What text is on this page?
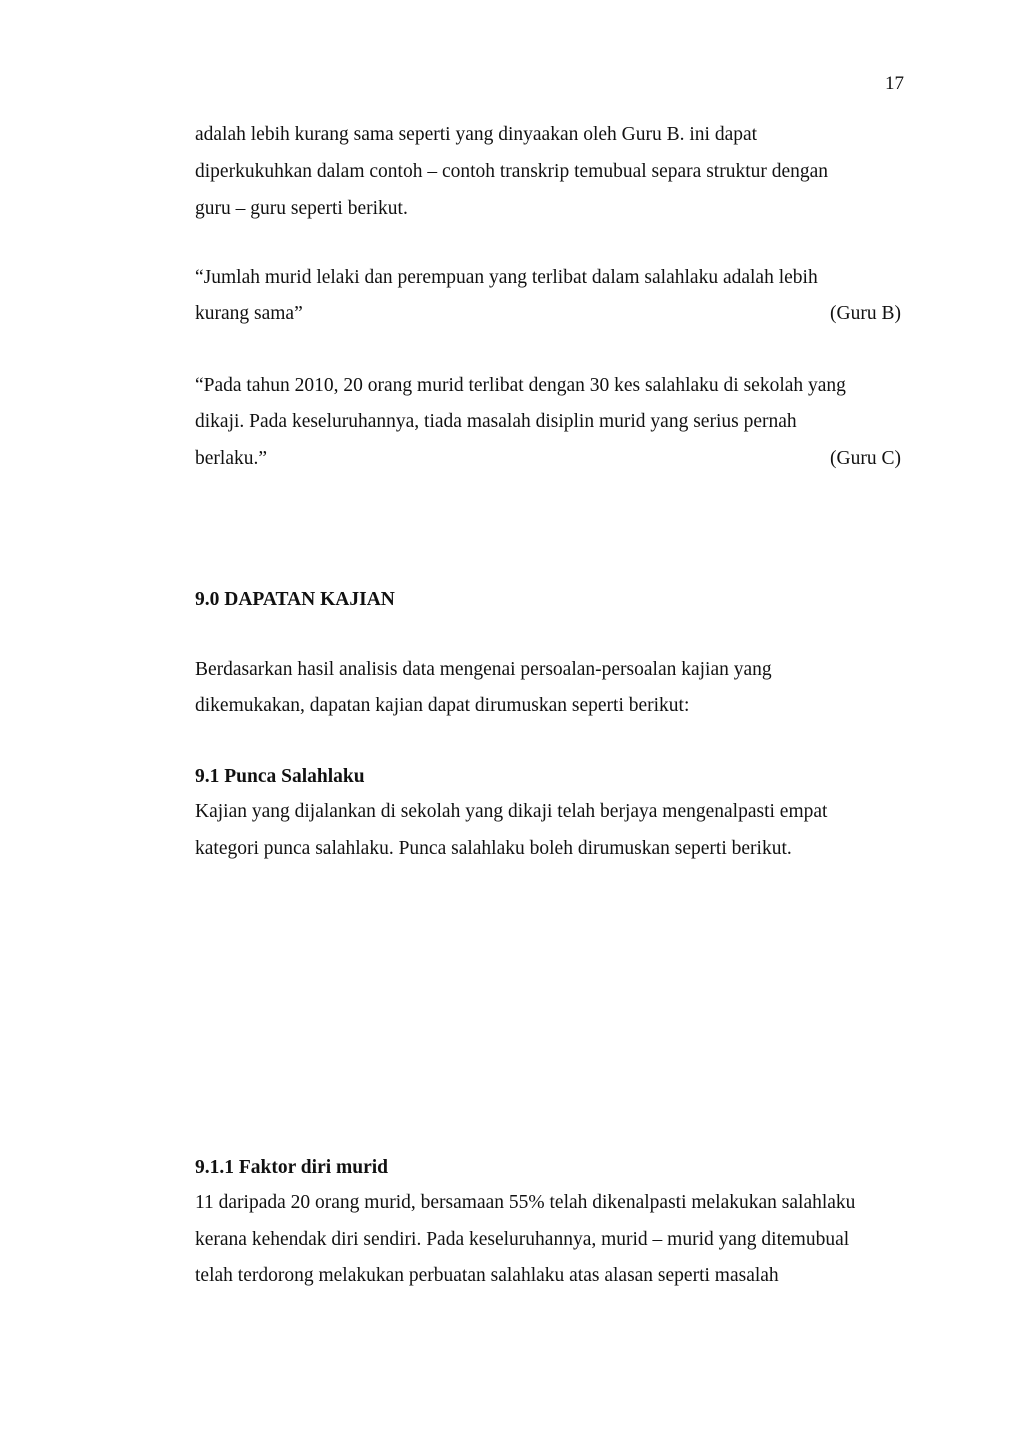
17
adalah lebih kurang sama seperti yang dinyaakan oleh Guru B. ini dapat
diperkukuhkan dalam contoh – contoh transkrip temubual separa struktur dengan
guru – guru seperti berikut.
“Jumlah murid lelaki dan perempuan yang terlibat dalam salahlaku adalah lebih
kurang sama”	(Guru B)
“Pada tahun 2010, 20 orang murid terlibat dengan 30 kes salahlaku di sekolah yang
dikaji. Pada keseluruhannya, tiada masalah disiplin murid yang serius pernah
berlaku.”	(Guru C)
9.0 DAPATAN KAJIAN
Berdasarkan hasil analisis data mengenai persoalan-persoalan kajian yang
dikemukakan, dapatan kajian dapat dirumuskan seperti berikut:
9.1 Punca Salahlaku
Kajian yang dijalankan di sekolah yang dikaji telah berjaya mengenalpasti empat
kategori punca salahlaku. Punca salahlaku boleh dirumuskan seperti berikut.
9.1.1 Faktor diri murid
11 daripada 20 orang murid, bersamaan 55% telah dikenalpasti melakukan salahlaku
kerana kehendak diri sendiri. Pada keseluruhannya, murid – murid yang ditemubual
telah terdorong melakukan perbuatan salahlaku atas alasan seperti masalah
